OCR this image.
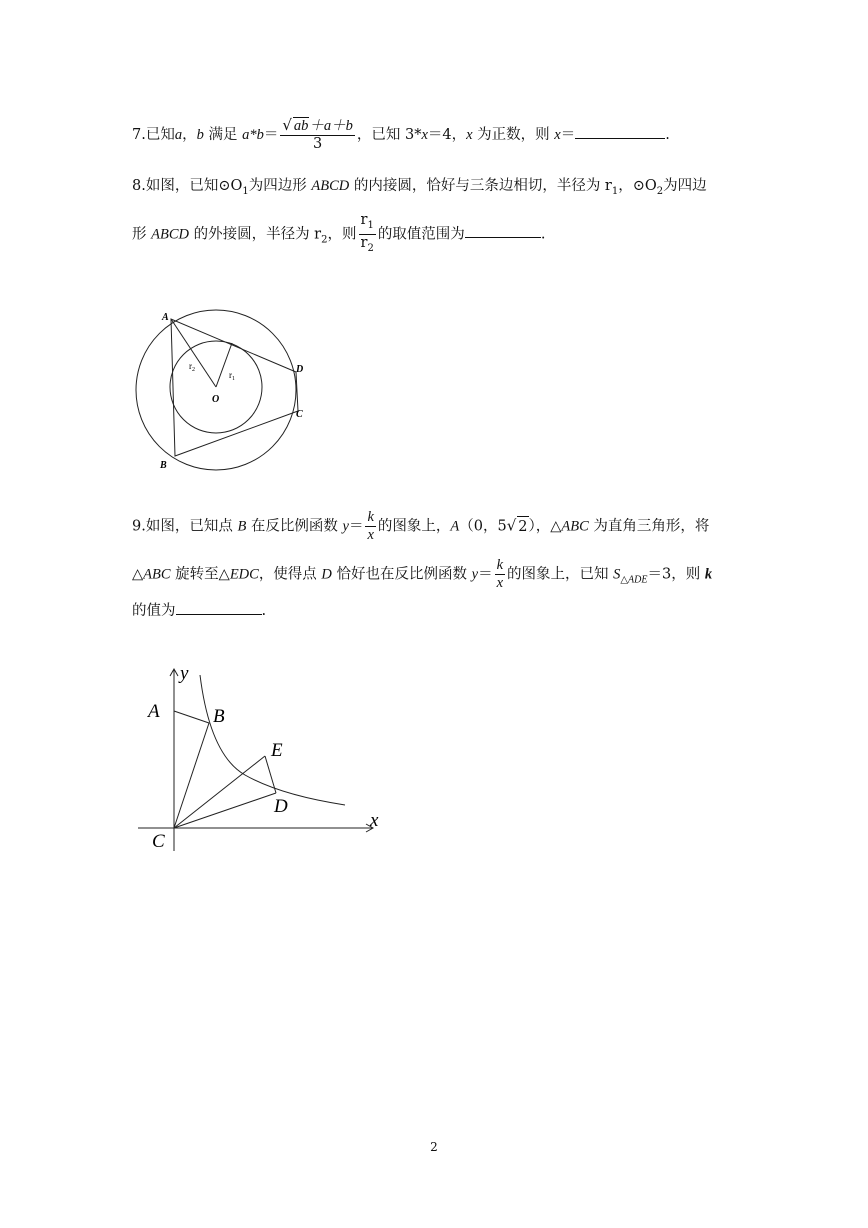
7.已知a，b 满足 $a*b= \frac{√ ab+a+b}{3}$ ，已知 3*x＝4，x 为正数，则 x＝	.
8.如图，已知$⊙O_1$为四边形 ABCD 的内接圆，恰好与三条边相切，半径为 $r_1$，$⊙O_2$为四边
形 ABCD 的外接圆，半径为 $r_2$，则 $\frac{r_1}{r_2}$ 的取值范围为	.
A
B
C
D
O
$r_2$	$r_1$
9.如图，已知点 B 在反比例函数 $y= \frac{k}{x}$ 的图象上，A（0，5√ 2），△ABC 为直角三角形，将
△ABC 旋转至△EDC，使得点 D 恰好也在反比例函数 $y= \frac{k}{x}$ 的图象上，已知 $S_{\triangle ADE}=3$，则 k
的值为	.
y
x
A	B
C
D
E
2
